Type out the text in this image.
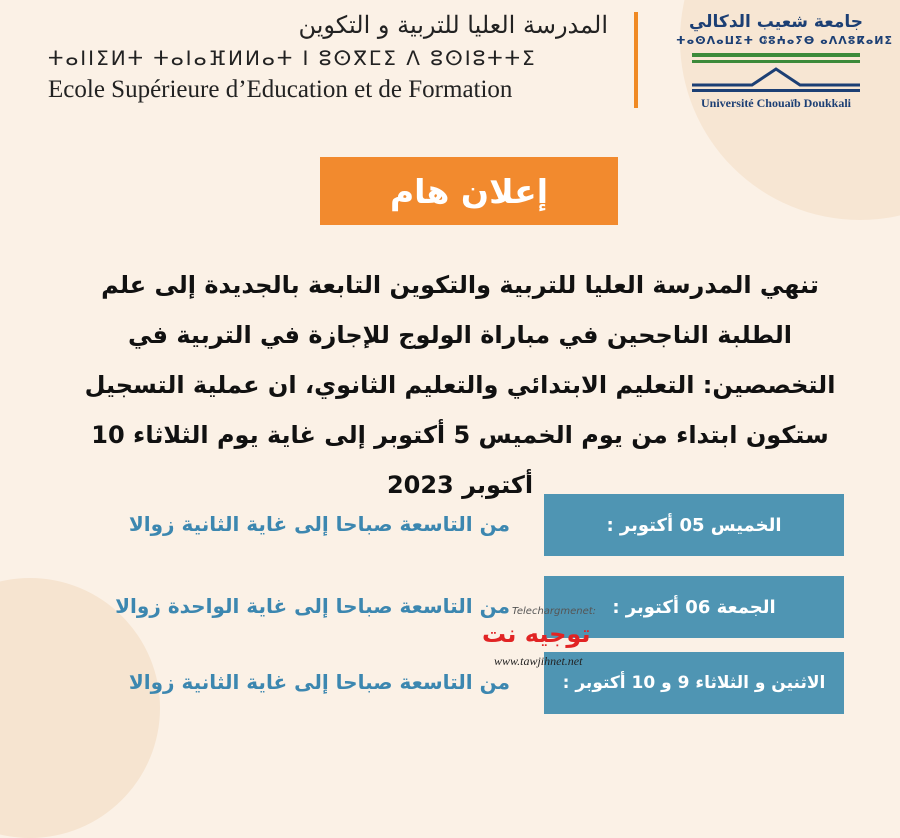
المدرسة العليا للتربية و التكوين

ⵜⴰⵏⵏⵉⵍⵜ ⵜⴰⵏⴰⴼⵍⵍⴰⵜ ⵏ ⵓⵙⴳⵎⵉ ⴷ ⵓⵙⵏⵓⵜⵜⵉ

Ecole Supérieure d’Education et de Formation

جامعة شعيب الدكالي
ⵜⴰⵙⴷⴰⵡⵉⵜ ⵛⵓⵄⴰⵢⴱ ⴰⴷⴷⵓⴽⴰⵍⵉ
Université Chouaïb Doukkali
إعلان هام

تنهي المدرسة العليا للتربية والتكوين التابعة بالجديدة إلى علم الطلبة الناجحين في مباراة الولوج للإجازة في التربية في التخصصين: التعليم الابتدائي والتعليم الثانوي، ان عملية التسجيل ستكون ابتداء من يوم الخميس 5 أكتوبر إلى غاية يوم الثلاثاء 10 أكتوبر 2023

الخميس 05 أكتوبر :
من التاسعة صباحا إلى غاية الثانية زوالا
الجمعة 06 أكتوبر :
من التاسعة صباحا إلى غاية الواحدة زوالا
الاثنين و الثلاثاء 9 و 10 أكتوبر :
من التاسعة صباحا إلى غاية الثانية زوالا
Telechargmenet:
توجيه نت
www.tawjihnet.net
